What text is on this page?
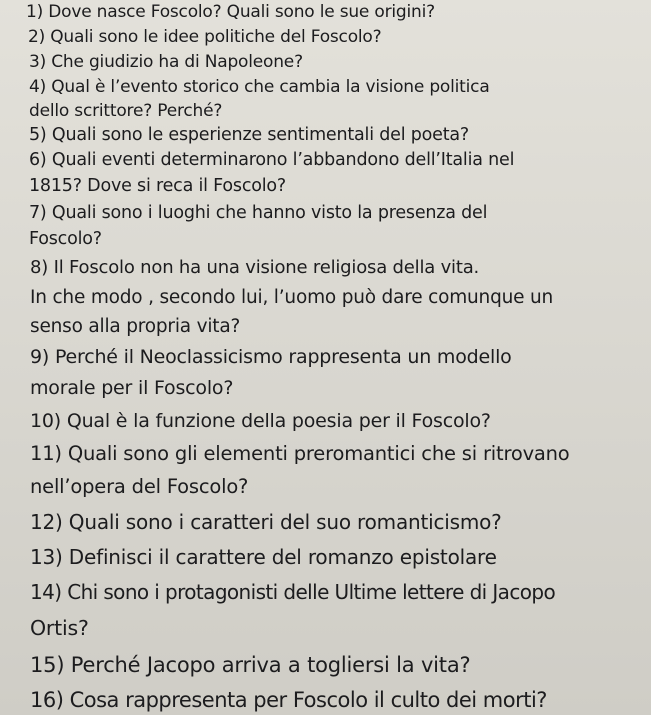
1) Dove nasce Foscolo? Quali sono le sue origini?
2) Quali sono le idee politiche del Foscolo?
3) Che giudizio ha di Napoleone?
4) Qual è l’evento storico che cambia la visione politica
dello scrittore? Perché?
5) Quali sono le esperienze sentimentali del poeta?
6) Quali eventi determinarono l’abbandono dell’Italia nel
1815? Dove si reca il Foscolo?
7) Quali sono i luoghi che hanno visto la presenza del
Foscolo?
8) Il Foscolo non ha una visione religiosa della vita.
In che modo , secondo lui, l’uomo può dare comunque un
senso alla propria vita?
9) Perché il Neoclassicismo rappresenta un modello
morale per il Foscolo?
10) Qual è la funzione della poesia per il Foscolo?
11) Quali sono gli elementi preromantici che si ritrovano
nell’opera del Foscolo?
12) Quali sono i caratteri del suo romanticismo?
13) Definisci il carattere del romanzo epistolare
14) Chi sono i protagonisti delle Ultime lettere di Jacopo
Ortis?
15) Perché Jacopo arriva a togliersi la vita?
16) Cosa rappresenta per Foscolo il culto dei morti?
